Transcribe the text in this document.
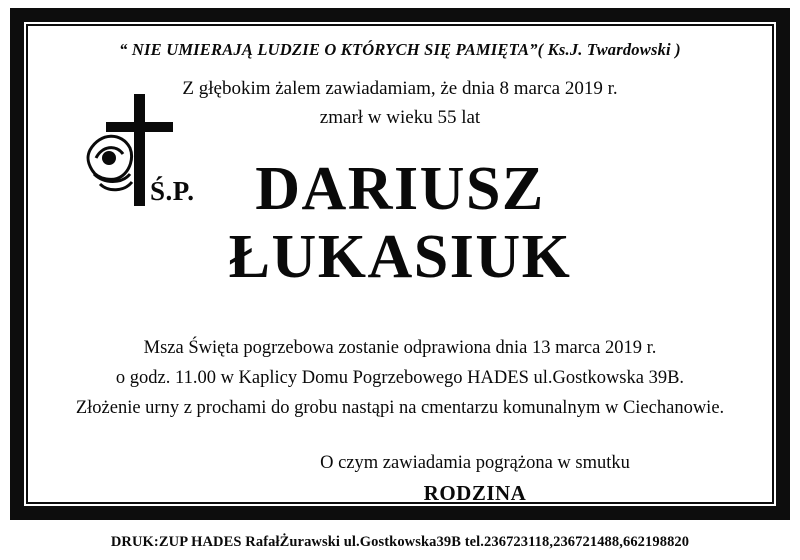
“ NIE UMIERAJĄ LUDZIE O KTÓRYCH SIĘ PAMIĘTA”( Ks.J. Twardowski )
Z głębokim żalem zawiadamiam, że dnia 8 marca 2019 r.
zmarł w wieku 55 lat
Ś.P. DARIUSZ
ŁUKASIUK
Msza Święta pogrzebowa zostanie odprawiona dnia 13 marca 2019 r.
o godz. 11.00 w Kaplicy Domu Pogrzebowego HADES ul.Gostkowska 39B.
Złożenie urny z prochami do grobu nastąpi na cmentarzu komunalnym w Ciechanowie.
O czym zawiadamia pogrążona w smutku
RODZINA
DRUK:ZUP HADES RafałŻurawski ul.Gostkowska39B tel.236723118,236721488,662198820
